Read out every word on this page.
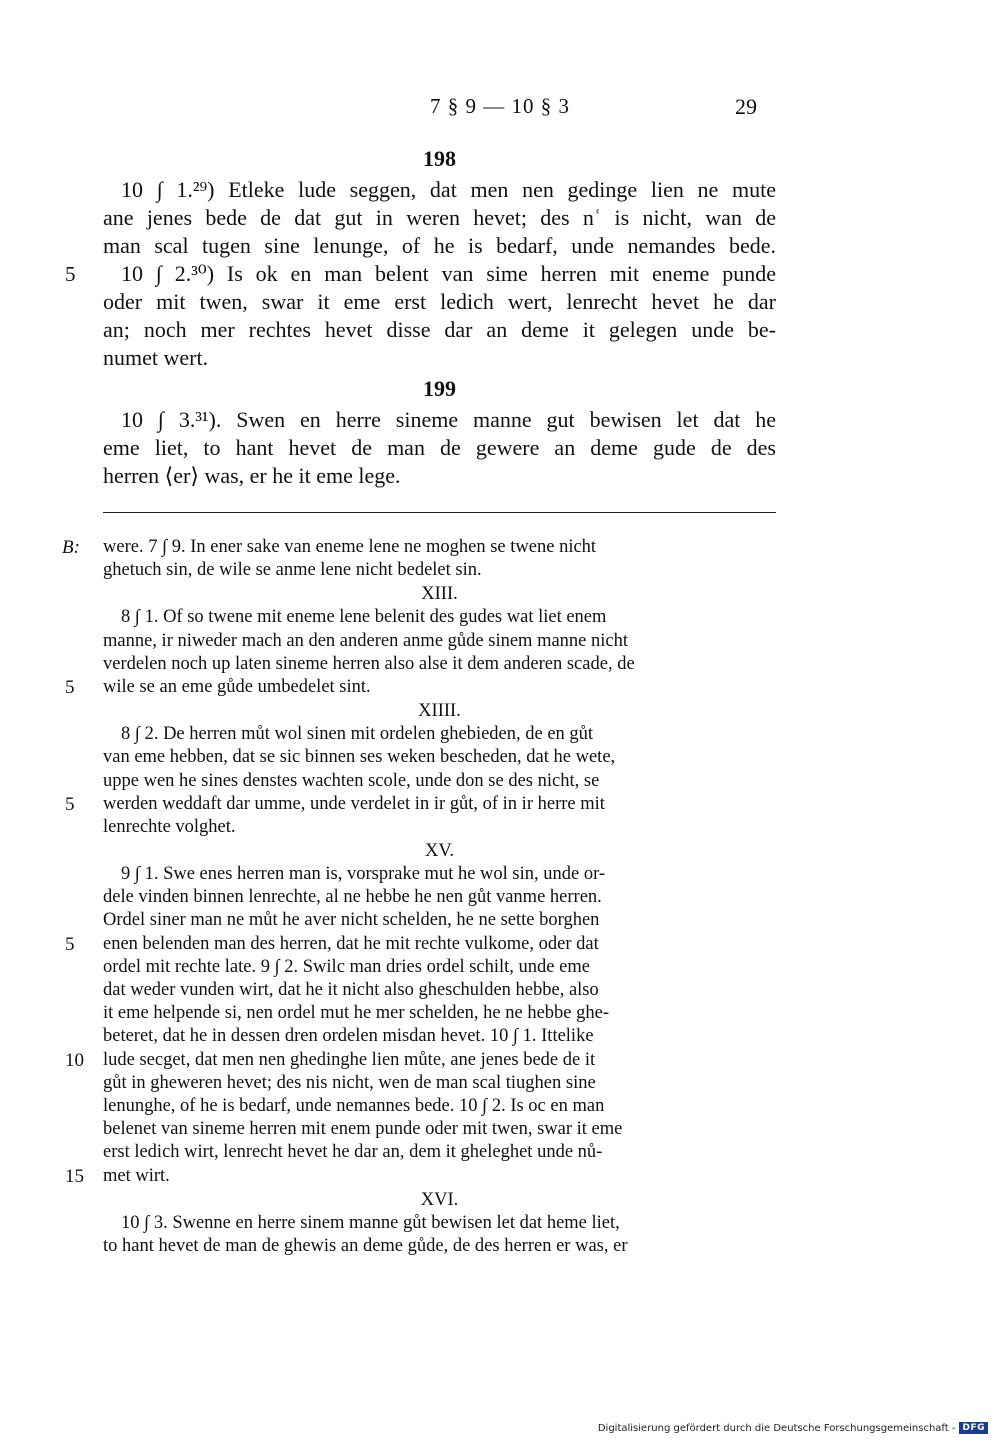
7 § 9 — 10 § 3	29
198
10 ∫ 1.²⁹) Etleke lude seggen, dat men nen gedinge lien ne mute
ane jenes bede de dat gut in weren hevet; des nʿ is nicht, wan de
man scal tugen sine lenunge, of he is bedarf, unde nemandes bede.
5 10 ∫ 2.³⁰) Is ok en man belent van sime herren mit eneme punde
oder mit twen, swar it eme erst ledich wert, lenrecht hevet he dar
an; noch mer rechtes hevet disse dar an deme it gelegen unde be-
numet wert.
199
10 ∫ 3.³¹). Swen en herre sineme manne gut bewisen let dat he
eme liet, to hant hevet de man de gewere an deme gude de des
herren ⟨er⟩ was, er he it eme lege.
B: were. 7 ∫ 9. In ener sake van eneme lene ne moghen se twene nicht
ghetuch sin, de wile se anme lene nicht bedelet sin.
XIII.
8 ∫ 1. Of so twene mit eneme lene belenit des gudes wat liet enem
manne, ir niweder mach an den anderen anme gůde sinem manne nicht
verdelen noch up laten sineme herren also alse it dem anderen scade, de
5 wile se an eme gůde umbedelet sint.
XIIII.
8 ∫ 2. De herren můt wol sinen mit ordelen ghebieden, de en gůt
van eme hebben, dat se sic binnen ses weken bescheden, dat he wete,
uppe wen he sines denstes wachten scole, unde don se des nicht, se
5 werden weddaft dar umme, unde verdelet in ir gůt, of in ir herre mit
lenrechte volghet.
XV.
9 ∫ 1. Swe enes herren man is, vorsprake mut he wol sin, unde or-
dele vinden binnen lenrechte, al ne hebbe he nen gůt vanme herren.
Ordel siner man ne můt he aver nicht schelden, he ne sette borghen
5 enen belenden man des herren, dat he mit rechte vulkome, oder dat
ordel mit rechte late. 9 ∫ 2. Swilc man dries ordel schilt, unde eme
dat weder vunden wirt, dat he it nicht also gheschulden hebbe, also
it eme helpende si, nen ordel mut he mer schelden, he ne hebbe ghe-
beteret, dat he in dessen dren ordelen misdan hevet. 10 ∫ 1. Ittelike
10 lude secget, dat men nen ghedinghe lien můte, ane jenes bede de it
gůt in gheweren hevet; des nis nicht, wen de man scal tiughen sine
lenunghe, of he is bedarf, unde nemannes bede. 10 ∫ 2. Is oc en man
belenet van sineme herren mit enem punde oder mit twen, swar it eme
erst ledich wirt, lenrecht hevet he dar an, dem it gheleghet unde nů-
15 met wirt.
XVI.
10 ∫ 3. Swenne en herre sinem manne gůt bewisen let dat heme liet,
to hant hevet de man de ghewis an deme gůde, de des herren er was, er
Digitalisierung gefördert durch die Deutsche Forschungsgemeinschaft - DFG
